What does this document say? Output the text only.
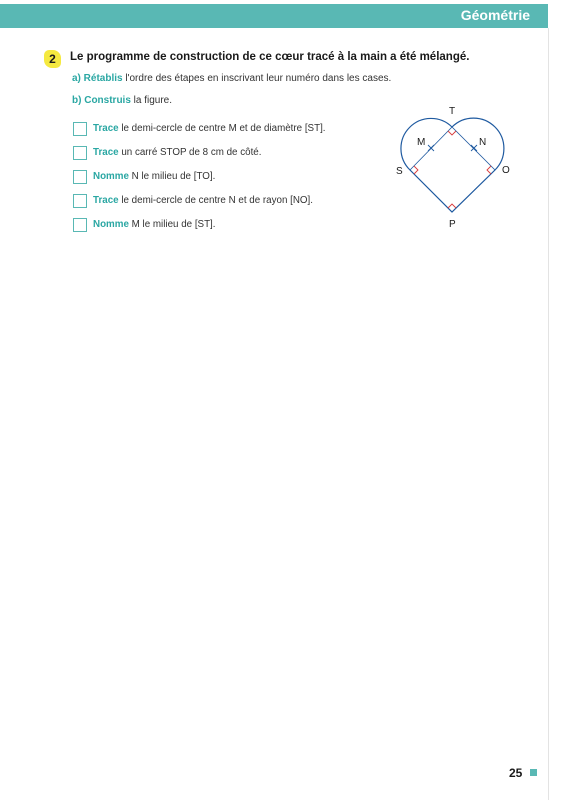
Géométrie
2	Le programme de construction de ce cœur tracé à la main a été mélangé.
a) Rétablis l'ordre des étapes en inscrivant leur numéro dans les cases.
b) Construis la figure.
Trace le demi-cercle de centre M et de diamètre [ST].
Trace un carré STOP de 8 cm de côté.
Nomme N le milieu de [TO].
Trace le demi-cercle de centre N et de rayon [NO].
Nomme M le milieu de [ST].
T
M	N
S	O
P
25
